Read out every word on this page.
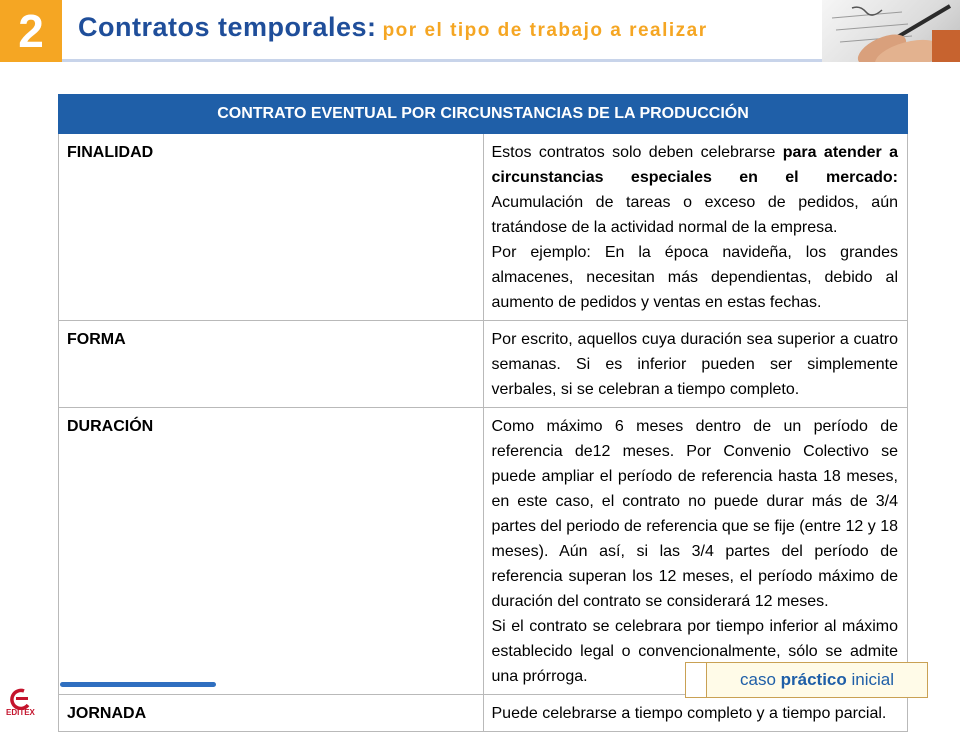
2 Contratos temporales: por el tipo de trabajo a realizar
CONTRATO EVENTUAL POR CIRCUNSTANCIAS DE LA PRODUCCIÓN	
FINALIDAD	Estos contratos solo deben celebrarse para atender a circunstancias especiales en el mercado: Acumulación de tareas o exceso de pedidos, aún tratándose de la actividad normal de la empresa.

Por ejemplo: En la época navideña, los grandes almacenes, necesitan más dependientas, debido al aumento de pedidos y ventas en estas fechas.

FORMA	Por escrito, aquellos cuya duración sea superior a cuatro semanas. Si es inferior pueden ser simplemente verbales, si se celebran a tiempo completo.
DURACIÓN	Como máximo 6 meses dentro de un período de referencia de12 meses. Por Convenio Colectivo se puede ampliar el período de referencia hasta 18 meses, en este caso, el contrato no puede durar más de 3/4 partes del periodo de referencia que se fije (entre 12 y 18 meses). Aún así, si las 3/4 partes del período de referencia superan los 12 meses, el período máximo de duración del contrato se considerará 12 meses.

Si el contrato se celebrara por tiempo inferior al máximo establecido legal o convencionalmente, sólo se admite una prórroga.

JORNADA	Puede celebrarse a tiempo completo y a tiempo parcial.
caso práctico inicial
EDITEX
